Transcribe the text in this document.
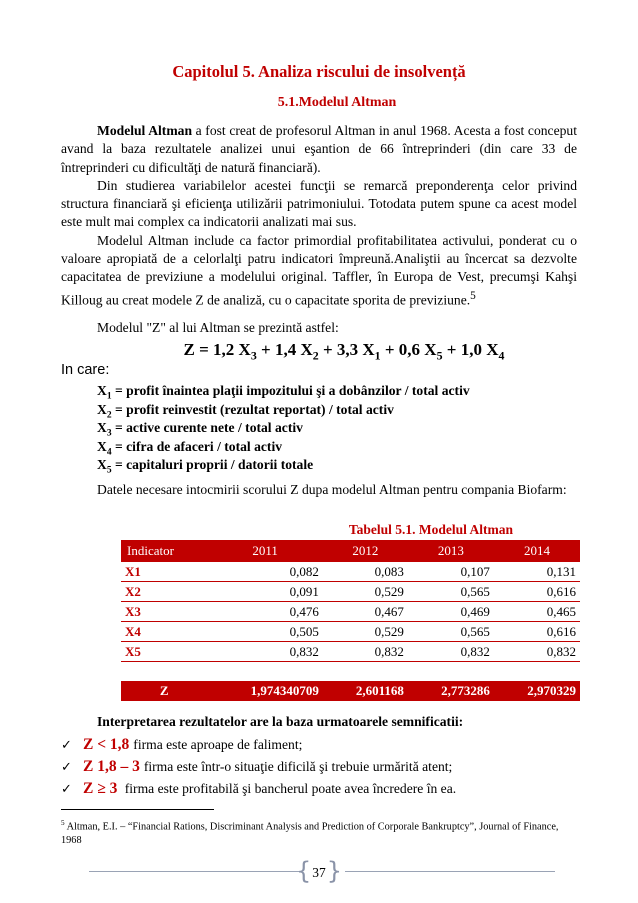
Capitolul 5. Analiza riscului de insolvență
5.1.Modelul Altman

Modelul Altman a fost creat de profesorul Altman in anul 1968. Acesta a fost conceput avand la baza rezultatele analizei unui eşantion de 66 întreprinderi (din care 33 de întreprinderi cu dificultăţi de natură financiară).

Din studierea variabilelor acestei funcţii se remarcă preponderenţa celor privind structura financiară şi eficienţa utilizării patrimoniului. Totodata putem spune ca acest model este mult mai complex ca indicatorii analizati mai sus.

Modelul Altman include ca factor primordial profitabilitatea activului, ponderat cu o valoare apropiată de a celorlalţi patru indicatori împreună.Analiştii au încercat sa dezvolte capacitatea de previziune a modelului original. Taffler, în Europa de Vest, precumşi Kahşi Killoug au creat modele Z de analiză, cu o capacitate sporita de previziune.$^5$

Modelul "Z" al lui Altman se prezintă astfel:
Z = 1,2 $X_3 + 1,4$ $X_2 + 3,3$ $X_1 + 0,6$ $X_5 + 1,0$ $X_4$
In care:
$X_1$ = profit înaintea plaţii impozitului şi a dobânzilor / total activ
$X_2$ = profit reinvestit (rezultat reportat) / total activ
$X_3$ = active curente nete / total activ
$X_4$ = cifra de afaceri / total activ
$X_5$ = capitaluri proprii / datorii totale

Datele necesare intocmirii scorului Z dupa modelul Altman pentru compania Biofarm:

Tabelul 5.1. Modelul Altman
Indicator	2011	2012	2013	2014
X1	0,082	0,083	0,107	0,131
X2	0,091	0,529	0,565	0,616
X3	0,476	0,467	0,469	0,465
X4	0,505	0,529	0,565	0,616
X5	0,832	0,832	0,832	0,832

Z	1,974340709	2,601168	2,773286	2,970329
Interpretarea rezultatelor are la baza urmatoarele semnificatii:
✓ Z < 1,8 firma este aproape de faliment;
✓ Z 1,8 – 3 firma este într-o situaţie dificilă şi trebuie urmărită atent;
✓ Z ≥ 3 firma este profitabilă şi bancherul poate avea încredere în ea.
$^5$ Altman, E.I. – “Financial Rations, Discriminant Analysis and Prediction of Corporale Bankruptcy”, Journal of Finance, 1968
{ }
37
